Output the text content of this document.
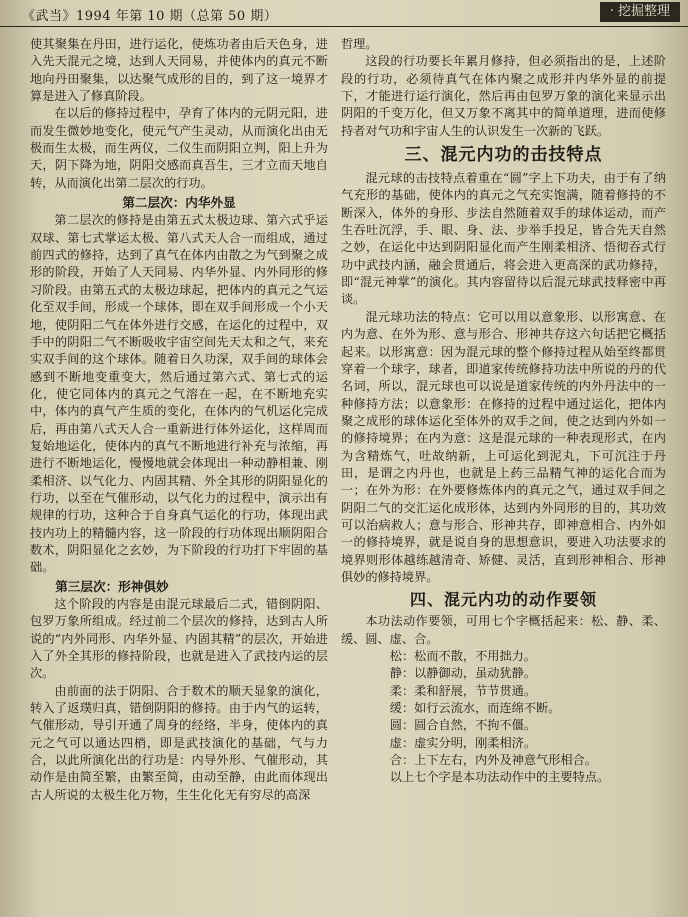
《武当》1994 年第 10 期（总第 50 期）	· 挖掘整理

使其聚集在丹田，进行运化，使炼功者由后天色身，进入先天混元之境，达到人天同易，并使体内的真元不断地向丹田聚集，以达聚气成形的目的，到了这一境界才算是进入了修真阶段。

在以后的修持过程中，孕育了体内的元阴元阳，进而发生微妙地变化，使元气产生灵动，从而演化出由无极而生太极，而生两仪，二仪生而阴阳立判，阳上升为天，阴下降为地，阴阳交感而真吾生，三才立而天地自转，从而演化出第二层次的行功。

第二层次：内华外显

第二层次的修持是由第五式太极边球、第六式乎运双球、第七式掌运太极、第八式天人合一而组成，通过前四式的修持，达到了真气在体内由散之为气到聚之成形的阶段，开始了人天同易、内华外显、内外同形的修习阶段。由第五式的太极边球起，把体内的真元之气运化至双手间，形成一个球体，即在双手间形成一个小天地，使阴阳二气在体外进行交感，在运化的过程中，双手中的阴阳二气不断吸收宇宙空间先天太和之气，来充实双手间的这个球体。随着日久功深，双手间的球体会感到不断地变重变大，然后通过第六式、第七式的运化，使它同体内的真元之气溶在一起，在不断地充实中，体内的真气产生质的变化，在体内的气机运化完成后，再由第八式天人合一重新进行体外运化，这样周而复始地运化，使体内的真气不断地进行补充与浓缩，再进行不断地运化，慢慢地就会体现出一种动静相兼、刚柔相济、以气化力、内固其精、外全其形的阴阳显化的行功，以至在气催形动，以气化力的过程中，演示出有规律的行功，这种合于自身真气运化的行功，体现出武技内功上的精髓内容，这一阶段的行功体现出顺阴阳合数术，阴阳显化之玄妙，为下阶段的行功打下牢固的基础。

第三层次：形神俱妙

这个阶段的内容是由混元球最后二式，错倒阴阳、包罗万象所组成。经过前二个层次的修持，达到古人所说的“内外同形、内华外显、内固其精”的层次，开始进入了外全其形的修持阶段，也就是进入了武技内运的层次。

由前面的法于阴阳、合于数术的顺天显象的演化，转入了返璞归真，错倒阴阳的修持。由于内气的运转，气催形动，导引开通了周身的经络，半身，使体内的真元之气可以通达四梢，即是武技演化的基础，气与力合，以此所演化出的行功是：内导外形、气催形动，其动作是由简至繁，由繁至简，由动至静，由此而体现出古人所说的太极生化万物，生生化化无有穷尽的高深

哲理。

这段的行功要长年累月修持，但必须指出的是，上述阶段的行功，必须待真气在体内聚之成形并内华外显的前提下，才能进行运行演化，然后再由包罗万象的演化来显示出阴阳的千变万化，但又万象不离其中的简单道理，进而使修持者对气功和宇宙人生的认识发生一次新的飞跃。

三、混元内功的击技特点

混元球的击技特点着重在“圆”字上下功夫，由于有了纳气充形的基础，使体内的真元之气充实饱满，随着修持的不断深入，体外的身形、步法自然随着双手的球体运动，而产生吞吐沉浮，手、眼、身、法、步举手投足，皆合先天自然之妙，在运化中达到阴阳显化而产生刚柔相济、悟彻吞式行功中武技内涵，融会贯通后，将会进入更高深的武功修持，即“混元神掌”的演化。其内容留待以后混元球武技释密中再谈。

混元球功法的特点：它可以用以意象形、以形寓意、在内为意、在外为形、意与形合、形神共存这六句话把它概括起来。以形寓意：因为混元球的整个修持过程从始至终都贯穿着一个球字，球者，即道家传统修持功法中所说的丹的代名词，所以，混元球也可以说是道家传统的内外丹法中的一种修持方法；以意象形：在修持的过程中通过运化，把体内聚之成形的球体运化至体外的双手之间，使之达到内外如一的修持境界；在内为意：这是混元球的一种表现形式，在内为含精炼气，吐故纳新，上可运化到泥丸，下可沉注于丹田，是谓之内丹也，也就是上药三品精气神的运化合而为一；在外为形：在外要修炼体内的真元之气，通过双手间之阴阳二气的交汇运化成形体，达到内外同形的目的，其功效可以治病救人；意与形合、形神共存，即神意相合、内外如一的修持境界，就是说自身的思想意识，要进入功法要求的境界则形体越练越清奇、矫健、灵活，直到形神相合、形神俱妙的修持境界。

四、混元内功的动作要领

本功法动作要领，可用七个字概括起来：松、静、柔、缓、圆、虚、合。

松：松而不散，不用拙力。

静：以静御动，虽动犹静。

柔：柔和舒展，节节贯通。

缓：如行云流水，而连绵不断。

圆：圆合自然，不拘不僵。

虚：虚实分明，刚柔相济。

合：上下左右，内外及神意气形相合。

以上七个字是本功法动作中的主要特点。
